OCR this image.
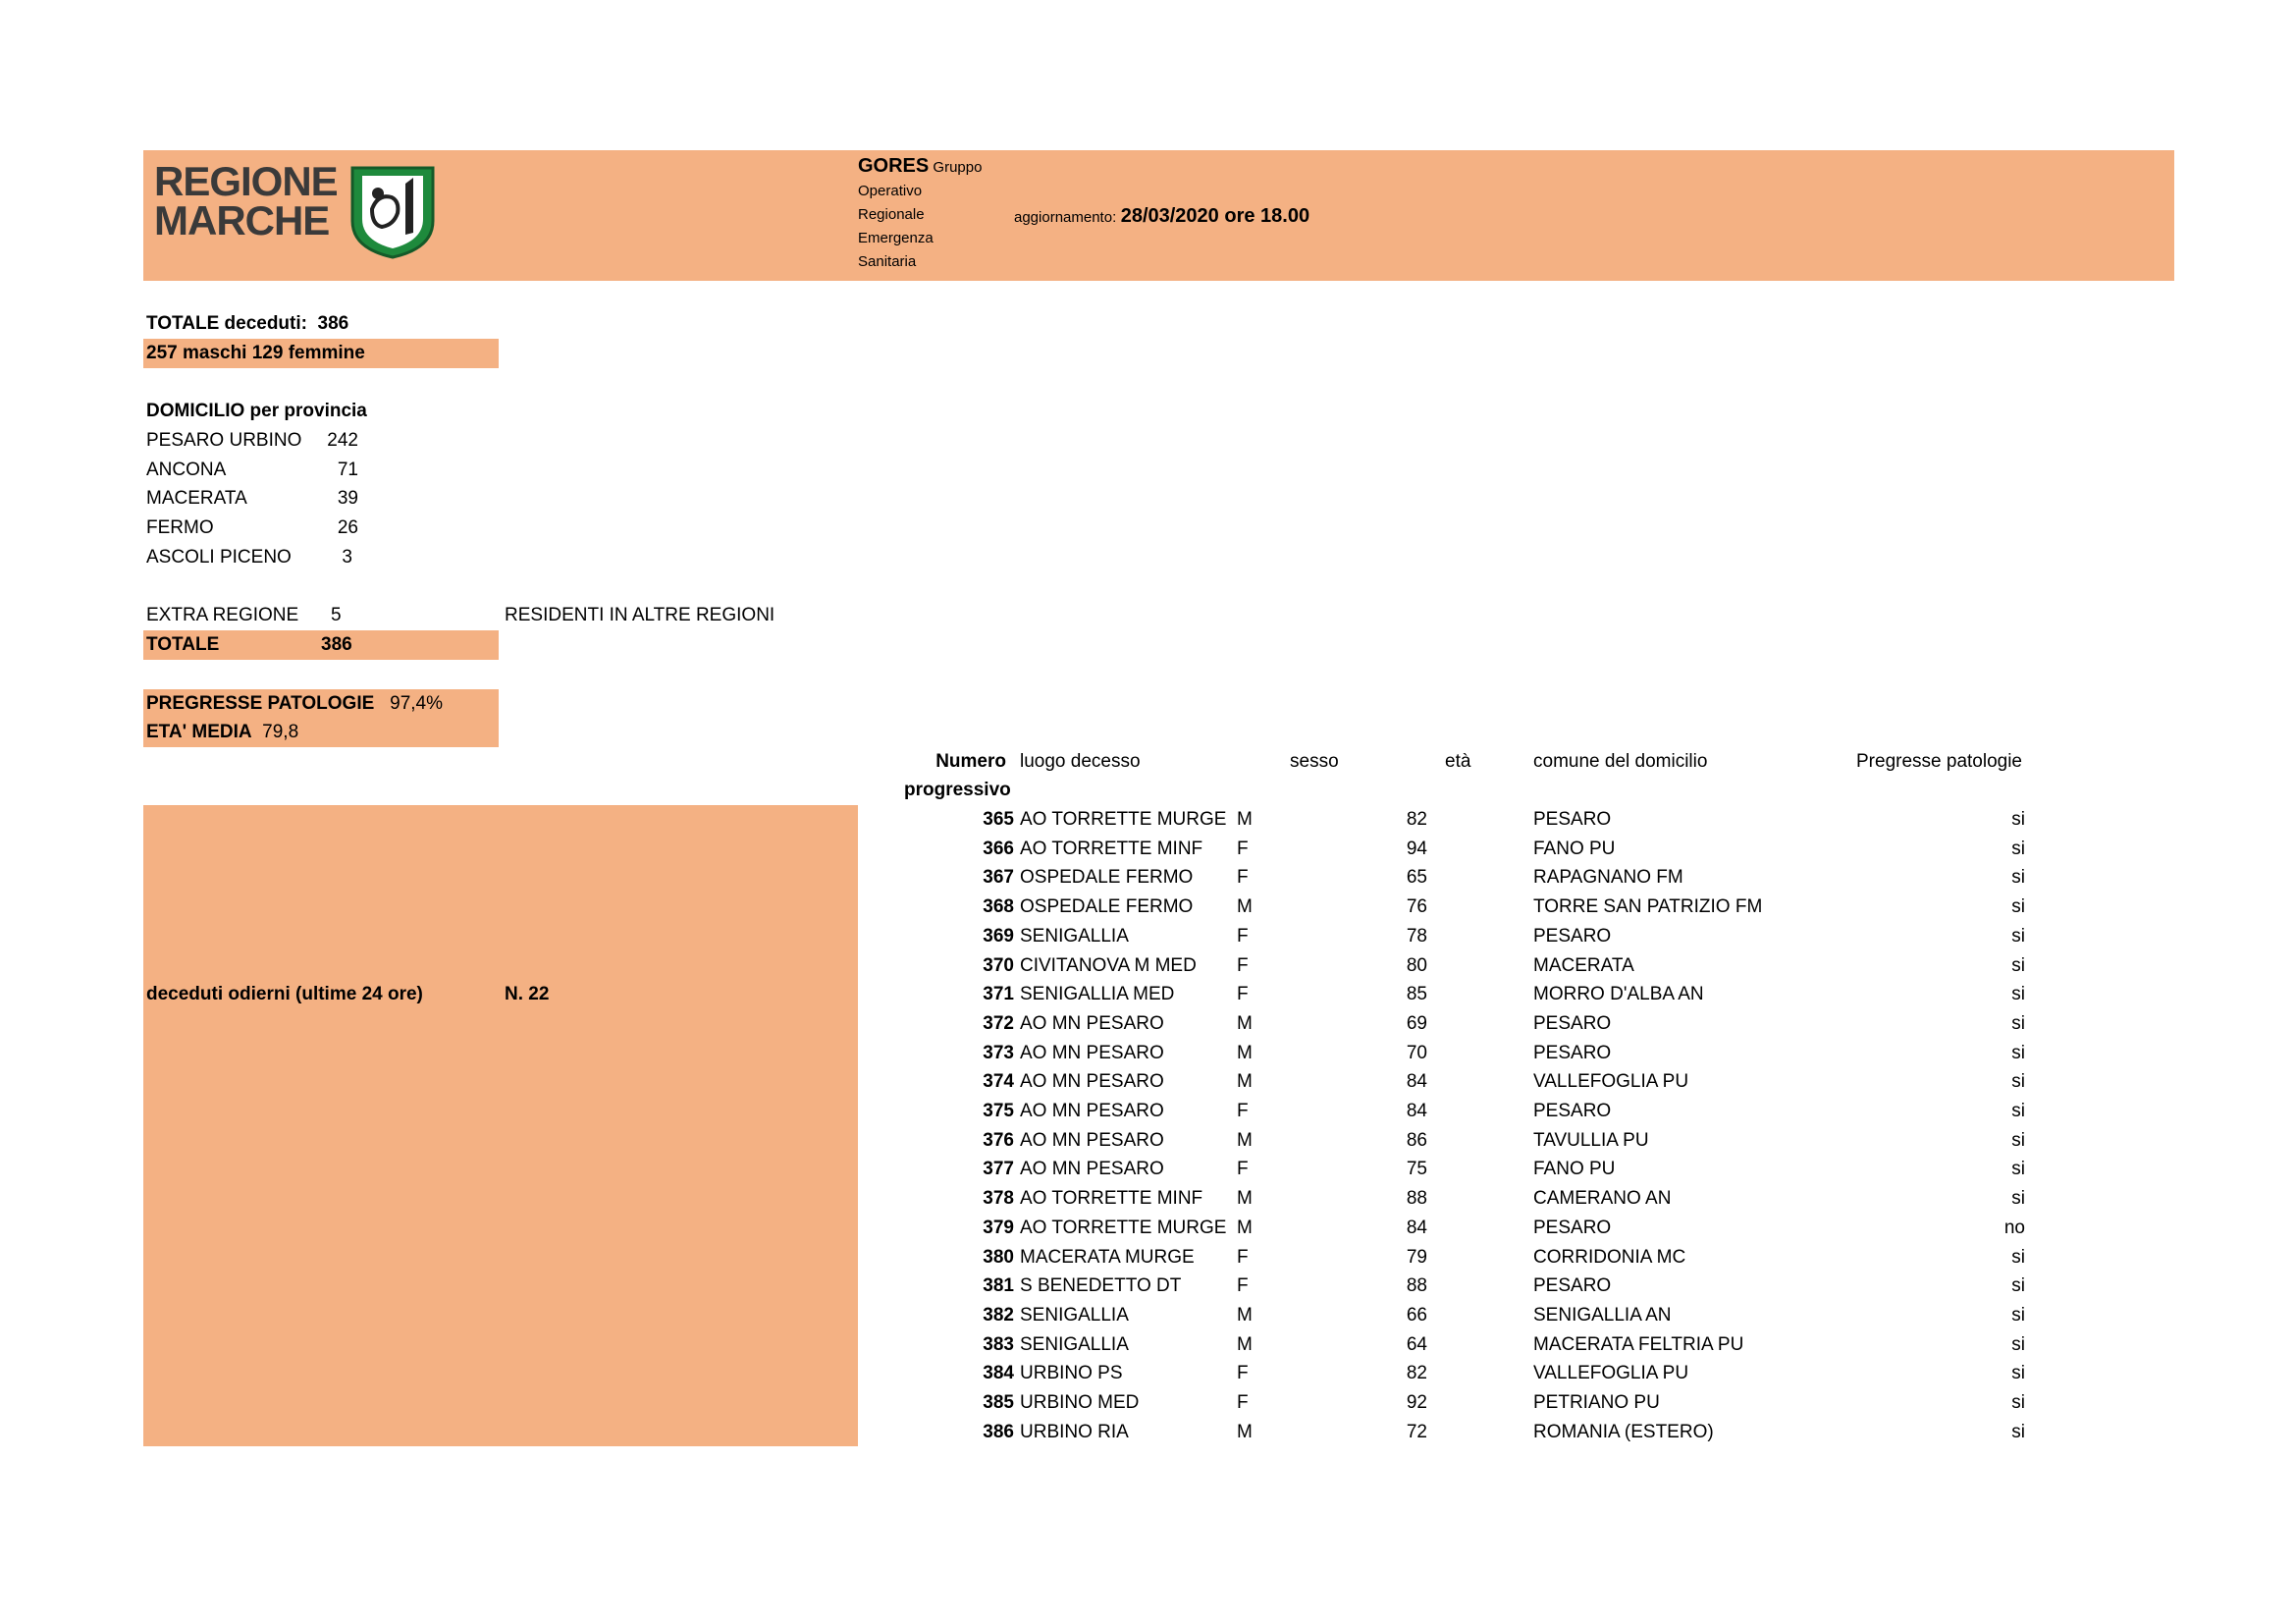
REGIONE
MARCHE
GORES Gruppo
Operativo
Regionale
Emergenza
Sanitaria
aggiornamento: 28/03/2020 ore 18.00
TOTALE deceduti: 386
257 maschi 129 femmine
DOMICILIO per provincia
PESARO URBINO	242
ANCONA	71
MACERATA	39
FERMO	26
ASCOLI PICENO	3
EXTRA REGIONE 5	RESIDENTI IN ALTRE REGIONI
TOTALE	386
PREGRESSE PATOLOGIE 97,4%
ETA' MEDIA 79,8
deceduti odierni (ultime 24 ore)	N. 22
Numero
progressivo
luogo decesso	sesso	età	comune del domicilio	Pregresse patologie
365 AO TORRETTE MURGE M	82	PESARO	si
366 AO TORRETTE MINF F	94	FANO PU	si
367 OSPEDALE FERMO F	65	RAPAGNANO FM	si
368 OSPEDALE FERMO M	76	TORRE SAN PATRIZIO FM	si
369 SENIGALLIA	F	78	PESARO	si
370 CIVITANOVA M MED F	80	MACERATA	si
371 SENIGALLIA MED	F	85	MORRO D'ALBA AN	si
372 AO MN PESARO	M	69	PESARO	si
373 AO MN PESARO	M	70	PESARO	si
374 AO MN PESARO	M	84	VALLEFOGLIA PU	si
375 AO MN PESARO	F	84	PESARO	si
376 AO MN PESARO	M	86	TAVULLIA PU	si
377 AO MN PESARO	F	75	FANO PU	si
378 AO TORRETTE MINF M	88	CAMERANO AN	si
379 AO TORRETTE MURGE M	84	PESARO	no
380 MACERATA MURGE F	79	CORRIDONIA MC	si
381 S BENEDETTO DT	F	88	PESARO	si
382 SENIGALLIA	M	66	SENIGALLIA AN	si
383 SENIGALLIA	M	64	MACERATA FELTRIA PU	si
384 URBINO PS	F	82	VALLEFOGLIA PU	si
385 URBINO MED	F	92	PETRIANO PU	si
386 URBINO RIA	M	72	ROMANIA (ESTERO)	si
